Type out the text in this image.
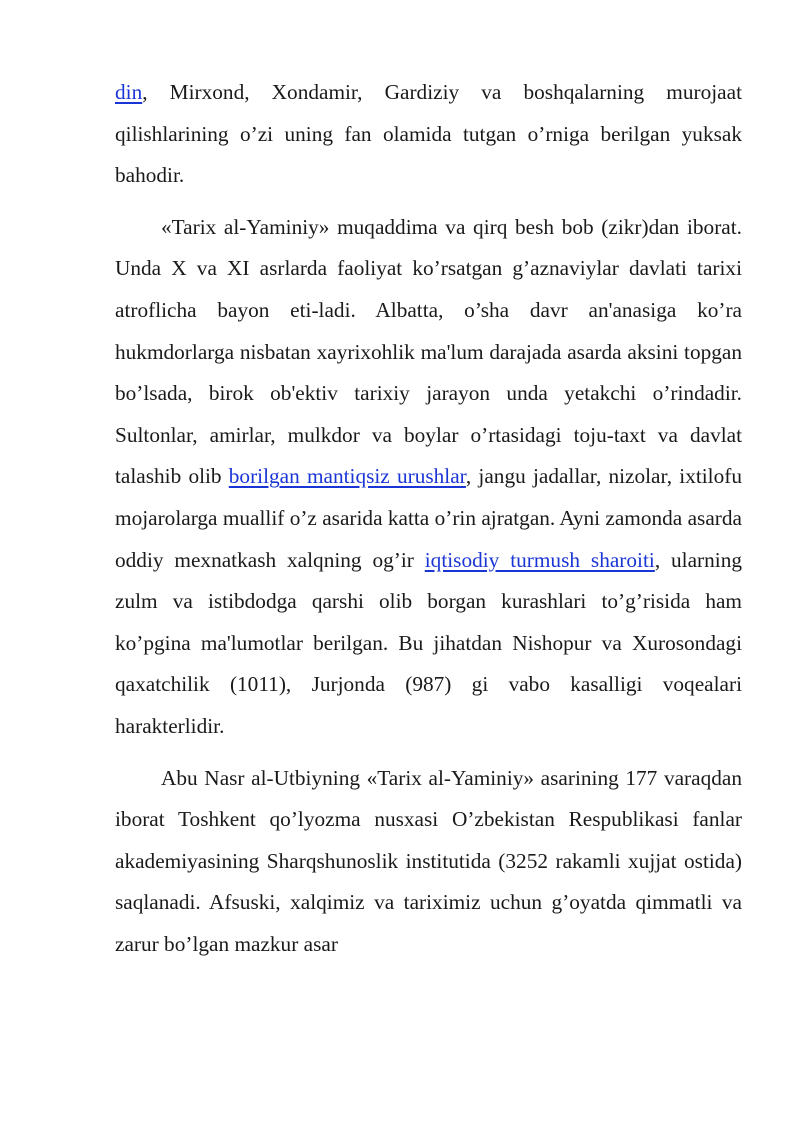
din, Mirxond, Xondamir, Gardiziy va boshqalarning murojaat qilishlarining o’zi uning fan olamida tutgan o’rniga berilgan yuksak bahodir.

«Tarix al-Yaminiy» muqaddima va qirq besh bob (zikr)dan iborat. Unda X va XI asrlarda faoliyat ko’rsatgan g’aznaviylar davlati tarixi atroflicha bayon eti-ladi. Albatta, o’sha davr an'anasiga ko’ra hukmdorlarga nisbatan xayrixohlik ma'lum darajada asarda aksini topgan bo’lsada, birok ob'ektiv tarixiy jarayon unda yetakchi o’rindadir. Sultonlar, amirlar, mulkdor va boylar o’rtasidagi toju-taxt va davlat talashib olib borilgan mantiqsiz urushlar, jangu jadallar, nizolar, ixtilofu mojarolarga muallif o’z asarida katta o’rin ajratgan. Ayni zamonda asarda oddiy mexnatkash xalqning og’ir iqtisodiy turmush sharoiti, ularning zulm va istibdodga qarshi olib borgan kurashlari to’g’risida ham ko’pgina ma'lumotlar berilgan. Bu jihatdan Nishopur va Xurosondagi qaxatchilik (1011), Jurjonda (987) gi vabo kasalligi voqealari harakterlidir.

Abu Nasr al-Utbiyning «Tarix al-Yaminiy» asarining 177 varaqdan iborat Toshkent qo’lyozma nusxasi O’zbekistan Respublikasi fanlar akademiyasining Sharqshunoslik institutida (3252 rakamli xujjat ostida) saqlanadi. Afsuski, xalqimiz va tariximiz uchun g’oyatda qimmatli va zarur bo’lgan mazkur asar
